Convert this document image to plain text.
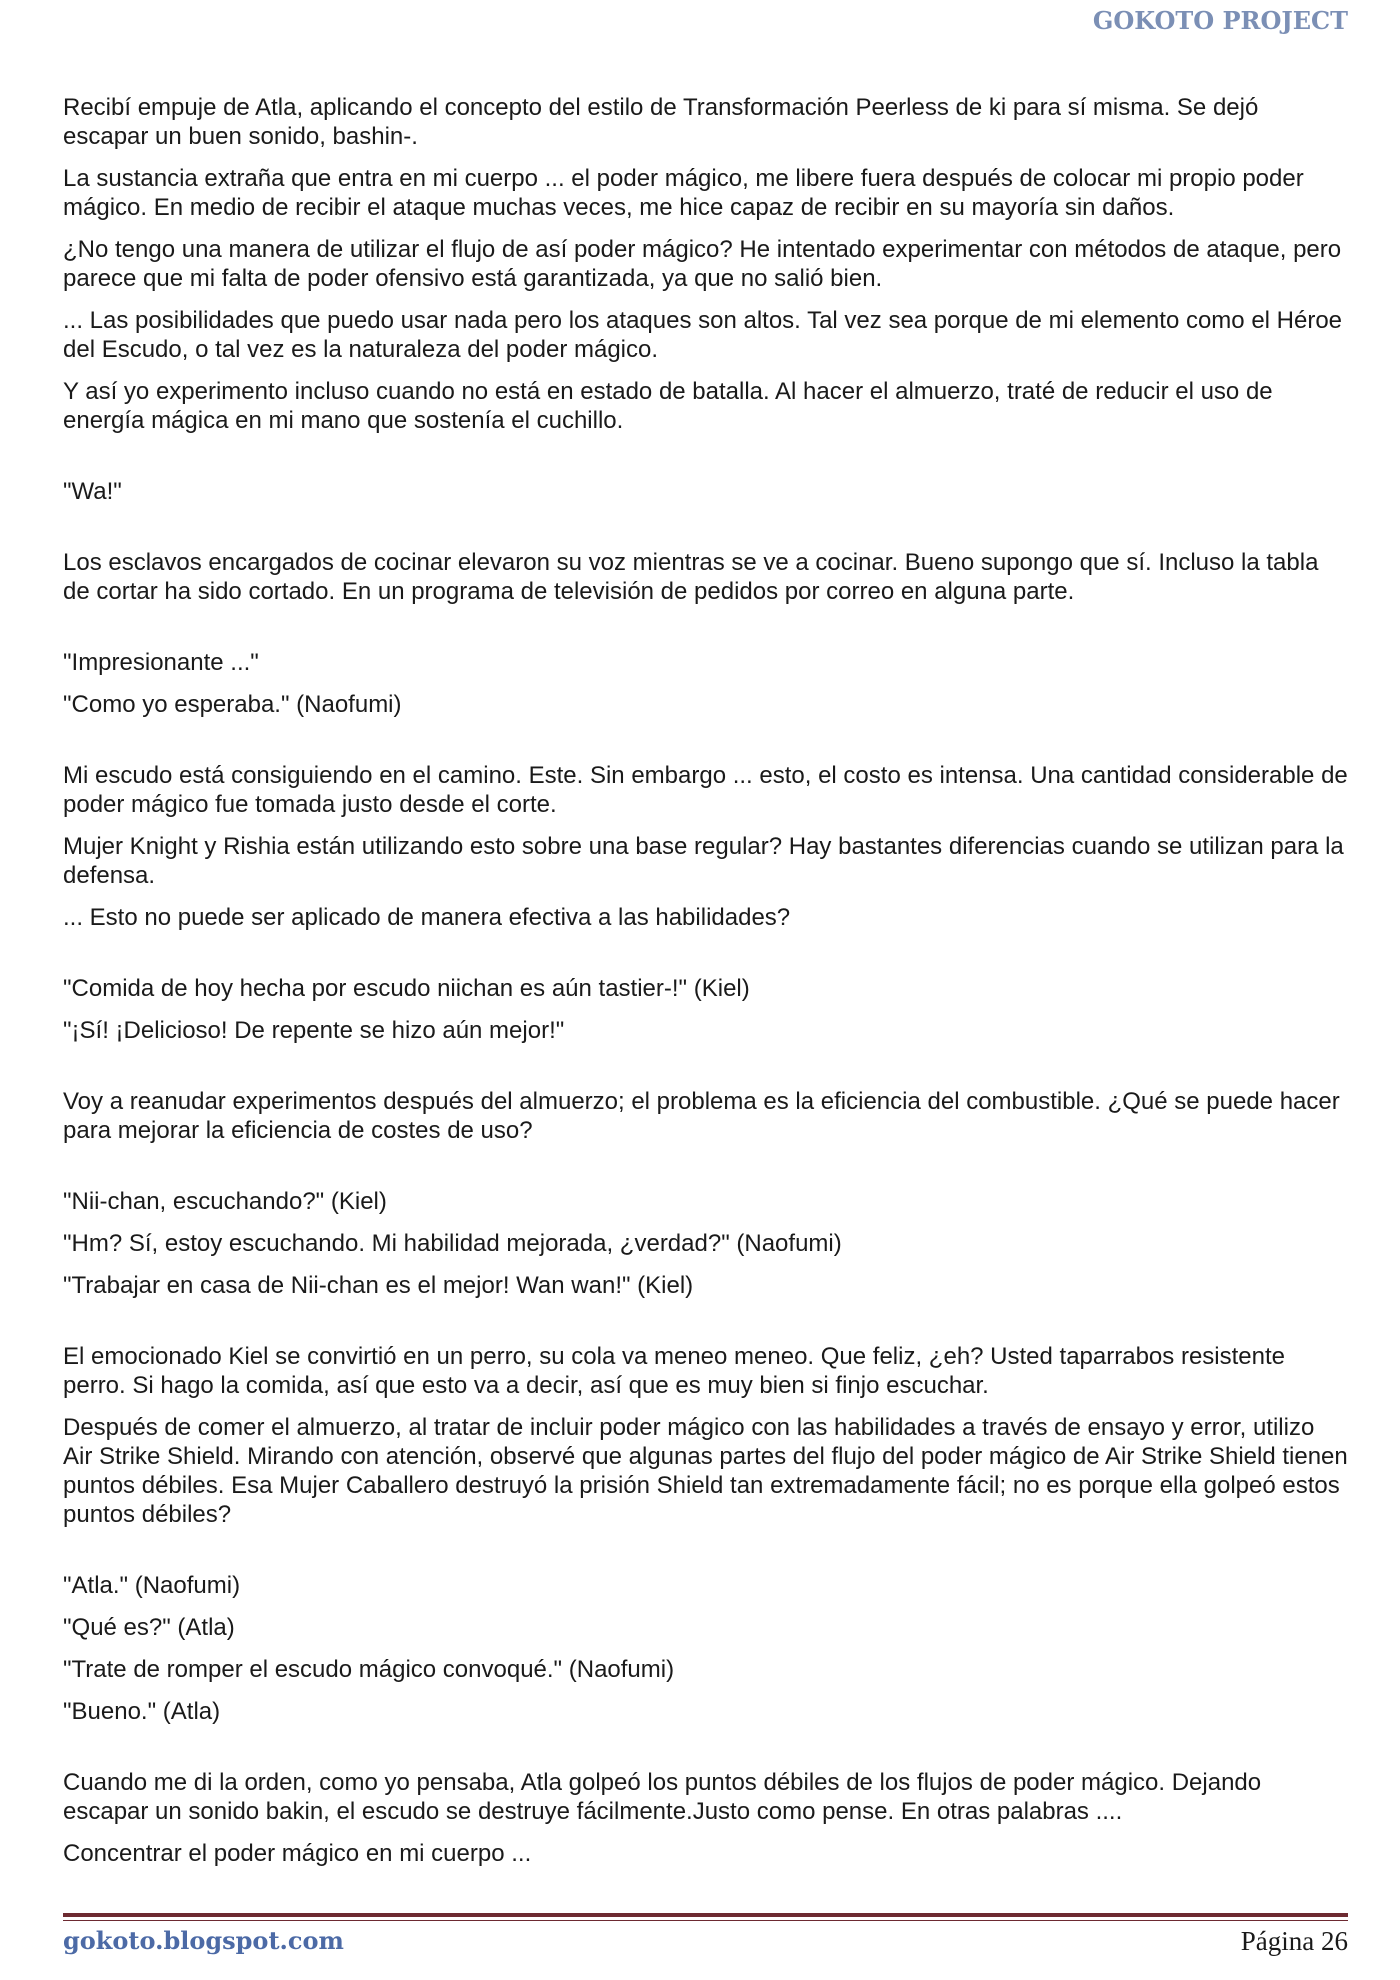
GOKOTO PROJECT

Recibí empuje de Atla, aplicando el concepto del estilo de Transformación Peerless de ki para sí misma. Se dejó escapar un buen sonido, bashin-.

La sustancia extraña que entra en mi cuerpo ... el poder mágico, me libere fuera después de colocar mi propio poder mágico. En medio de recibir el ataque muchas veces, me hice capaz de recibir en su mayoría sin daños.

¿No tengo una manera de utilizar el flujo de así poder mágico? He intentado experimentar con métodos de ataque, pero parece que mi falta de poder ofensivo está garantizada, ya que no salió bien.

... Las posibilidades que puedo usar nada pero los ataques son altos. Tal vez sea porque de mi elemento como el Héroe del Escudo, o tal vez es la naturaleza del poder mágico.

Y así yo experimento incluso cuando no está en estado de batalla. Al hacer el almuerzo, traté de reducir el uso de energía mágica en mi mano que sostenía el cuchillo.

"Wa!"

Los esclavos encargados de cocinar elevaron su voz mientras se ve a cocinar. Bueno supongo que sí. Incluso la tabla de cortar ha sido cortado. En un programa de televisión de pedidos por correo en alguna parte.

"Impresionante ..."

"Como yo esperaba." (Naofumi)

Mi escudo está consiguiendo en el camino. Este. Sin embargo ... esto, el costo es intensa. Una cantidad considerable de poder mágico fue tomada justo desde el corte.

Mujer Knight y Rishia están utilizando esto sobre una base regular? Hay bastantes diferencias cuando se utilizan para la defensa.

... Esto no puede ser aplicado de manera efectiva a las habilidades?

"Comida de hoy hecha por escudo niichan es aún tastier-!" (Kiel)

"¡Sí! ¡Delicioso! De repente se hizo aún mejor!"

Voy a reanudar experimentos después del almuerzo; el problema es la eficiencia del combustible. ¿Qué se puede hacer para mejorar la eficiencia de costes de uso?

"Nii-chan, escuchando?" (Kiel)

"Hm? Sí, estoy escuchando. Mi habilidad mejorada, ¿verdad?" (Naofumi)

"Trabajar en casa de Nii-chan es el mejor! Wan wan!" (Kiel)

El emocionado Kiel se convirtió en un perro, su cola va meneo meneo. Que feliz, ¿eh? Usted taparrabos resistente perro. Si hago la comida, así que esto va a decir, así que es muy bien si finjo escuchar.

Después de comer el almuerzo, al tratar de incluir poder mágico con las habilidades a través de ensayo y error, utilizo Air Strike Shield. Mirando con atención, observé que algunas partes del flujo del poder mágico de Air Strike Shield tienen puntos débiles. Esa Mujer Caballero destruyó la prisión Shield tan extremadamente fácil; no es porque ella golpeó estos puntos débiles?

"Atla." (Naofumi)

"Qué es?" (Atla)

"Trate de romper el escudo mágico convoqué." (Naofumi)

"Bueno." (Atla)

Cuando me di la orden, como yo pensaba, Atla golpeó los puntos débiles de los flujos de poder mágico. Dejando escapar un sonido bakin, el escudo se destruye fácilmente.Justo como pense. En otras palabras ....

Concentrar el poder mágico en mi cuerpo ...

gokoto.blogspot.com	Página 26
